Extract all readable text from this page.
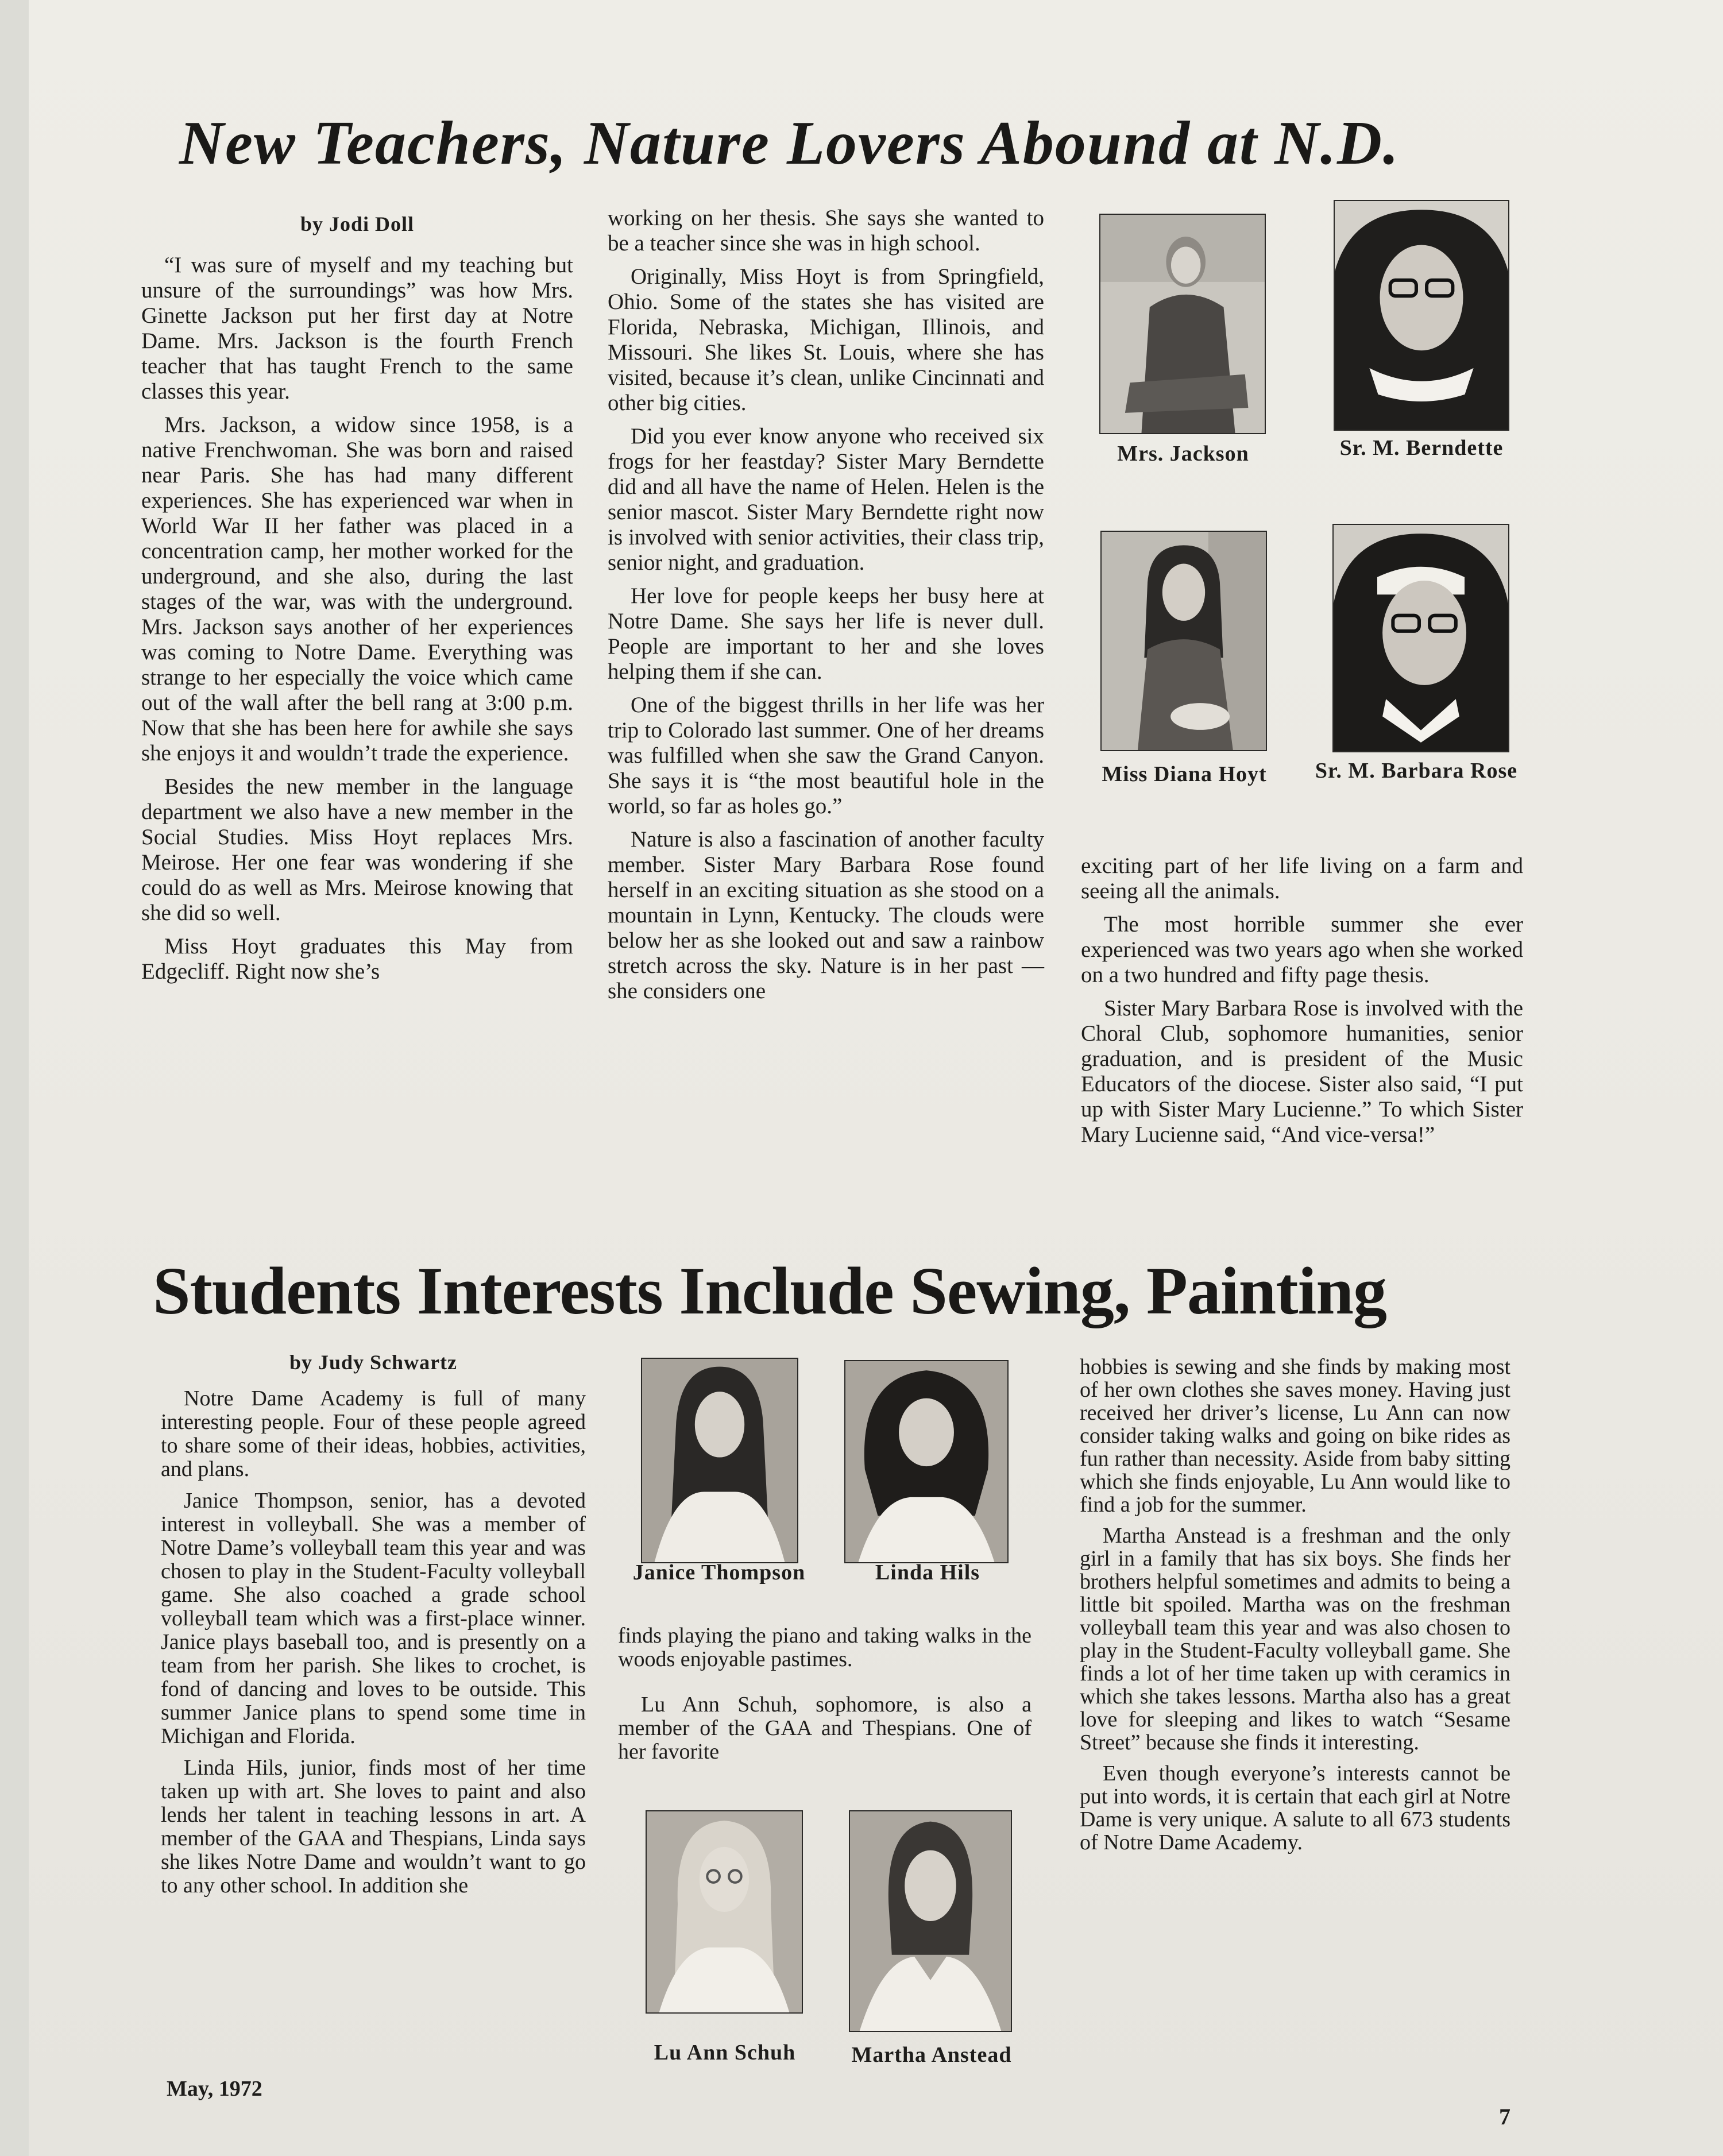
New Teachers, Nature Lovers Abound at N.D.
by Jodi Doll

“I was sure of myself and my teaching but unsure of the surroundings” was how Mrs. Ginette Jackson put her first day at Notre Dame. Mrs. Jackson is the fourth French teacher that has taught French to the same classes this year.

Mrs. Jackson, a widow since 1958, is a native Frenchwoman. She was born and raised near Paris. She has had many different experiences. She has experienced war when in World War II her father was placed in a concentration camp, her mother worked for the underground, and she also, during the last stages of the war, was with the underground. Mrs. Jackson says another of her experiences was coming to Notre Dame. Everything was strange to her especially the voice which came out of the wall after the bell rang at 3:00 p.m. Now that she has been here for awhile she says she enjoys it and wouldn’t trade the experience.

Besides the new member in the language department we also have a new member in the Social Studies. Miss Hoyt replaces Mrs. Meirose. Her one fear was wondering if she could do as well as Mrs. Meirose knowing that she did so well.

Miss Hoyt graduates this May from Edgecliff. Right now she’s

working on her thesis. She says she wanted to be a teacher since she was in high school.

Originally, Miss Hoyt is from Springfield, Ohio. Some of the states she has visited are Florida, Nebraska, Michigan, Illinois, and Missouri. She likes St. Louis, where she has visited, because it’s clean, unlike Cincinnati and other big cities.

Did you ever know anyone who received six frogs for her feastday? Sister Mary Berndette did and all have the name of Helen. Helen is the senior mascot. Sister Mary Berndette right now is involved with senior activities, their class trip, senior night, and graduation.

Her love for people keeps her busy here at Notre Dame. She says her life is never dull. People are important to her and she loves helping them if she can.

One of the biggest thrills in her life was her trip to Colorado last summer. One of her dreams was fulfilled when she saw the Grand Canyon. She says it is “the most beautiful hole in the world, so far as holes go.”

Nature is also a fascination of another faculty member. Sister Mary Barbara Rose found herself in an exciting situation as she stood on a mountain in Lynn, Kentucky. The clouds were below her as she looked out and saw a rainbow stretch across the sky. Nature is in her past — she considers one

Mrs. Jackson	Sr. M. Berndette
Miss Diana Hoyt	Sr. M. Barbara Rose

exciting part of her life living on a farm and seeing all the animals.

The most horrible summer she ever experienced was two years ago when she worked on a two hundred and fifty page thesis.

Sister Mary Barbara Rose is involved with the Choral Club, sophomore humanities, senior graduation, and is president of the Music Educators of the diocese. Sister also said, “I put up with Sister Mary Lucienne.” To which Sister Mary Lucienne said, “And vice-versa!”

Students Interests Include Sewing, Painting
by Judy Schwartz

Notre Dame Academy is full of many interesting people. Four of these people agreed to share some of their ideas, hobbies, activities, and plans.

Janice Thompson, senior, has a devoted interest in volleyball. She was a member of Notre Dame’s volleyball team this year and was chosen to play in the Student-Faculty volleyball game. She also coached a grade school volleyball team which was a first-place winner. Janice plays baseball too, and is presently on a team from her parish. She likes to crochet, is fond of dancing and loves to be outside. This summer Janice plans to spend some time in Michigan and Florida.

Linda Hils, junior, finds most of her time taken up with art. She loves to paint and also lends her talent in teaching lessons in art. A member of the GAA and Thespians, Linda says she likes Notre Dame and wouldn’t want to go to any other school. In addition she

Janice Thompson	Linda Hils

finds playing the piano and taking walks in the woods enjoyable pastimes.

Lu Ann Schuh, sophomore, is also a member of the GAA and Thespians. One of her favorite

Lu Ann Schuh	Martha Anstead

hobbies is sewing and she finds by making most of her own clothes she saves money. Having just received her driver’s license, Lu Ann can now consider taking walks and going on bike rides as fun rather than necessity. Aside from baby sitting which she finds enjoyable, Lu Ann would like to find a job for the summer.

Martha Anstead is a freshman and the only girl in a family that has six boys. She finds her brothers helpful sometimes and admits to being a little bit spoiled. Martha was on the freshman volleyball team this year and was also chosen to play in the Student-Faculty volleyball game. She finds a lot of her time taken up with ceramics in which she takes lessons. Martha also has a great love for sleeping and likes to watch “Sesame Street” because she finds it interesting.

Even though everyone’s interests cannot be put into words, it is certain that each girl at Notre Dame is very unique. A salute to all 673 students of Notre Dame Academy.

May, 1972
7
